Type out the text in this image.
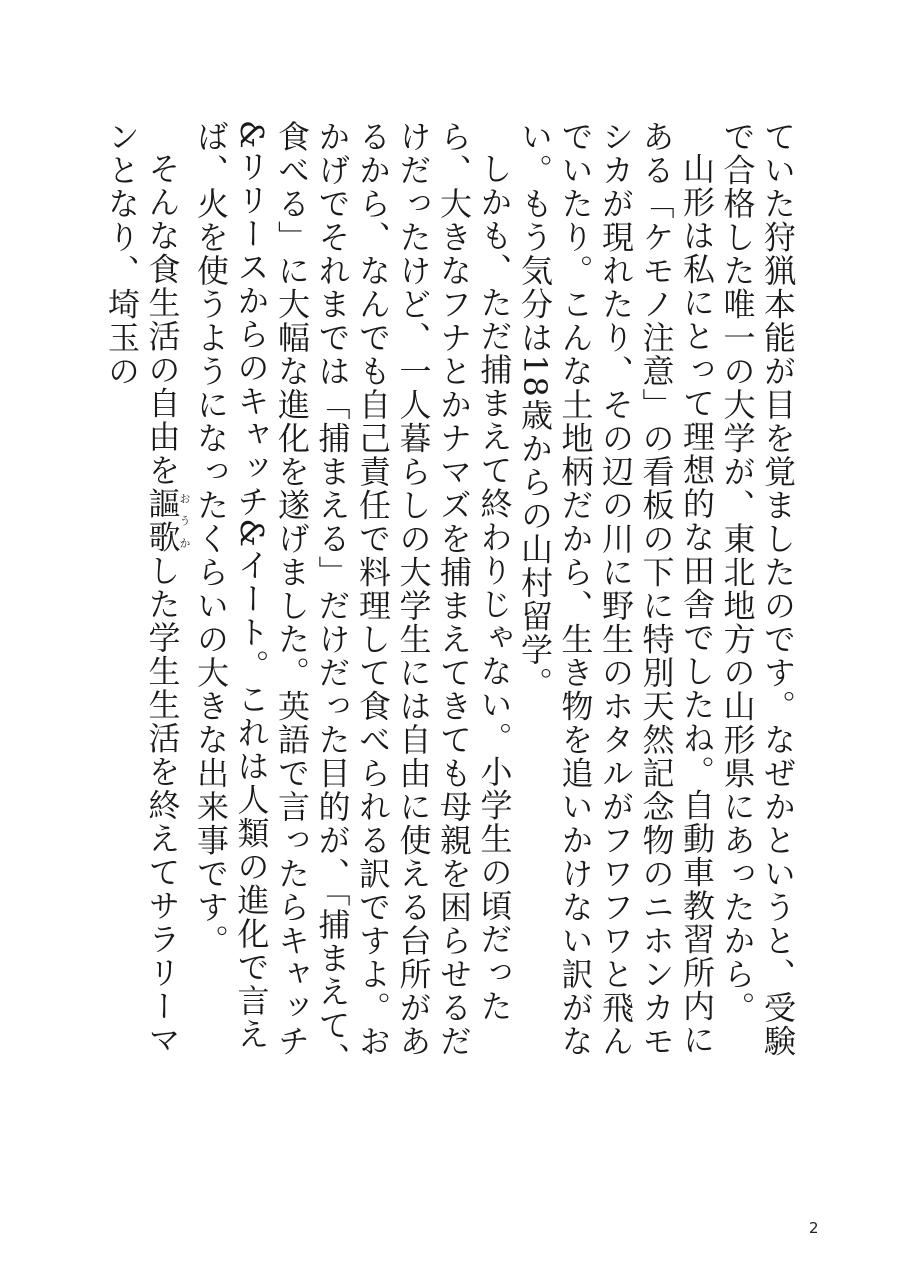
ていた狩猟本能が目を覚ましたのです。なぜかというと、受験で合格した唯一の大学が、東北地方の山形県にあったから。

山形は私にとって理想的な田舎でしたね。自動車教習所内にある「ケモノ注意」の看板の下に特別天然記念物のニホンカモシカが現れたり、その辺の川に野生のホタルがフワフワと飛んでいたり。こんな土地柄だから、生き物を追いかけない訳がない。もう気分は18歳からの山村留学。

しかも、ただ捕まえて終わりじゃない。小学生の頃だったら、大きなフナとかナマズを捕まえてきても母親を困らせるだけだったけど、一人暮らしの大学生には自由に使える台所があるから、なんでも自己責任で料理して食べられる訳ですよ。おかげでそれまでは「捕まえる」だけだった目的が、「捕まえて、食べる」に大幅な進化を遂げました。英語で言ったらキャッチ&リリースからのキャッチ&イート。これは人類の進化で言えば、火を使うようになったくらいの大きな出来事です。

そんな食生活の自由を謳歌おうかした学生生活を終えてサラリーマンとなり、埼玉の

2
